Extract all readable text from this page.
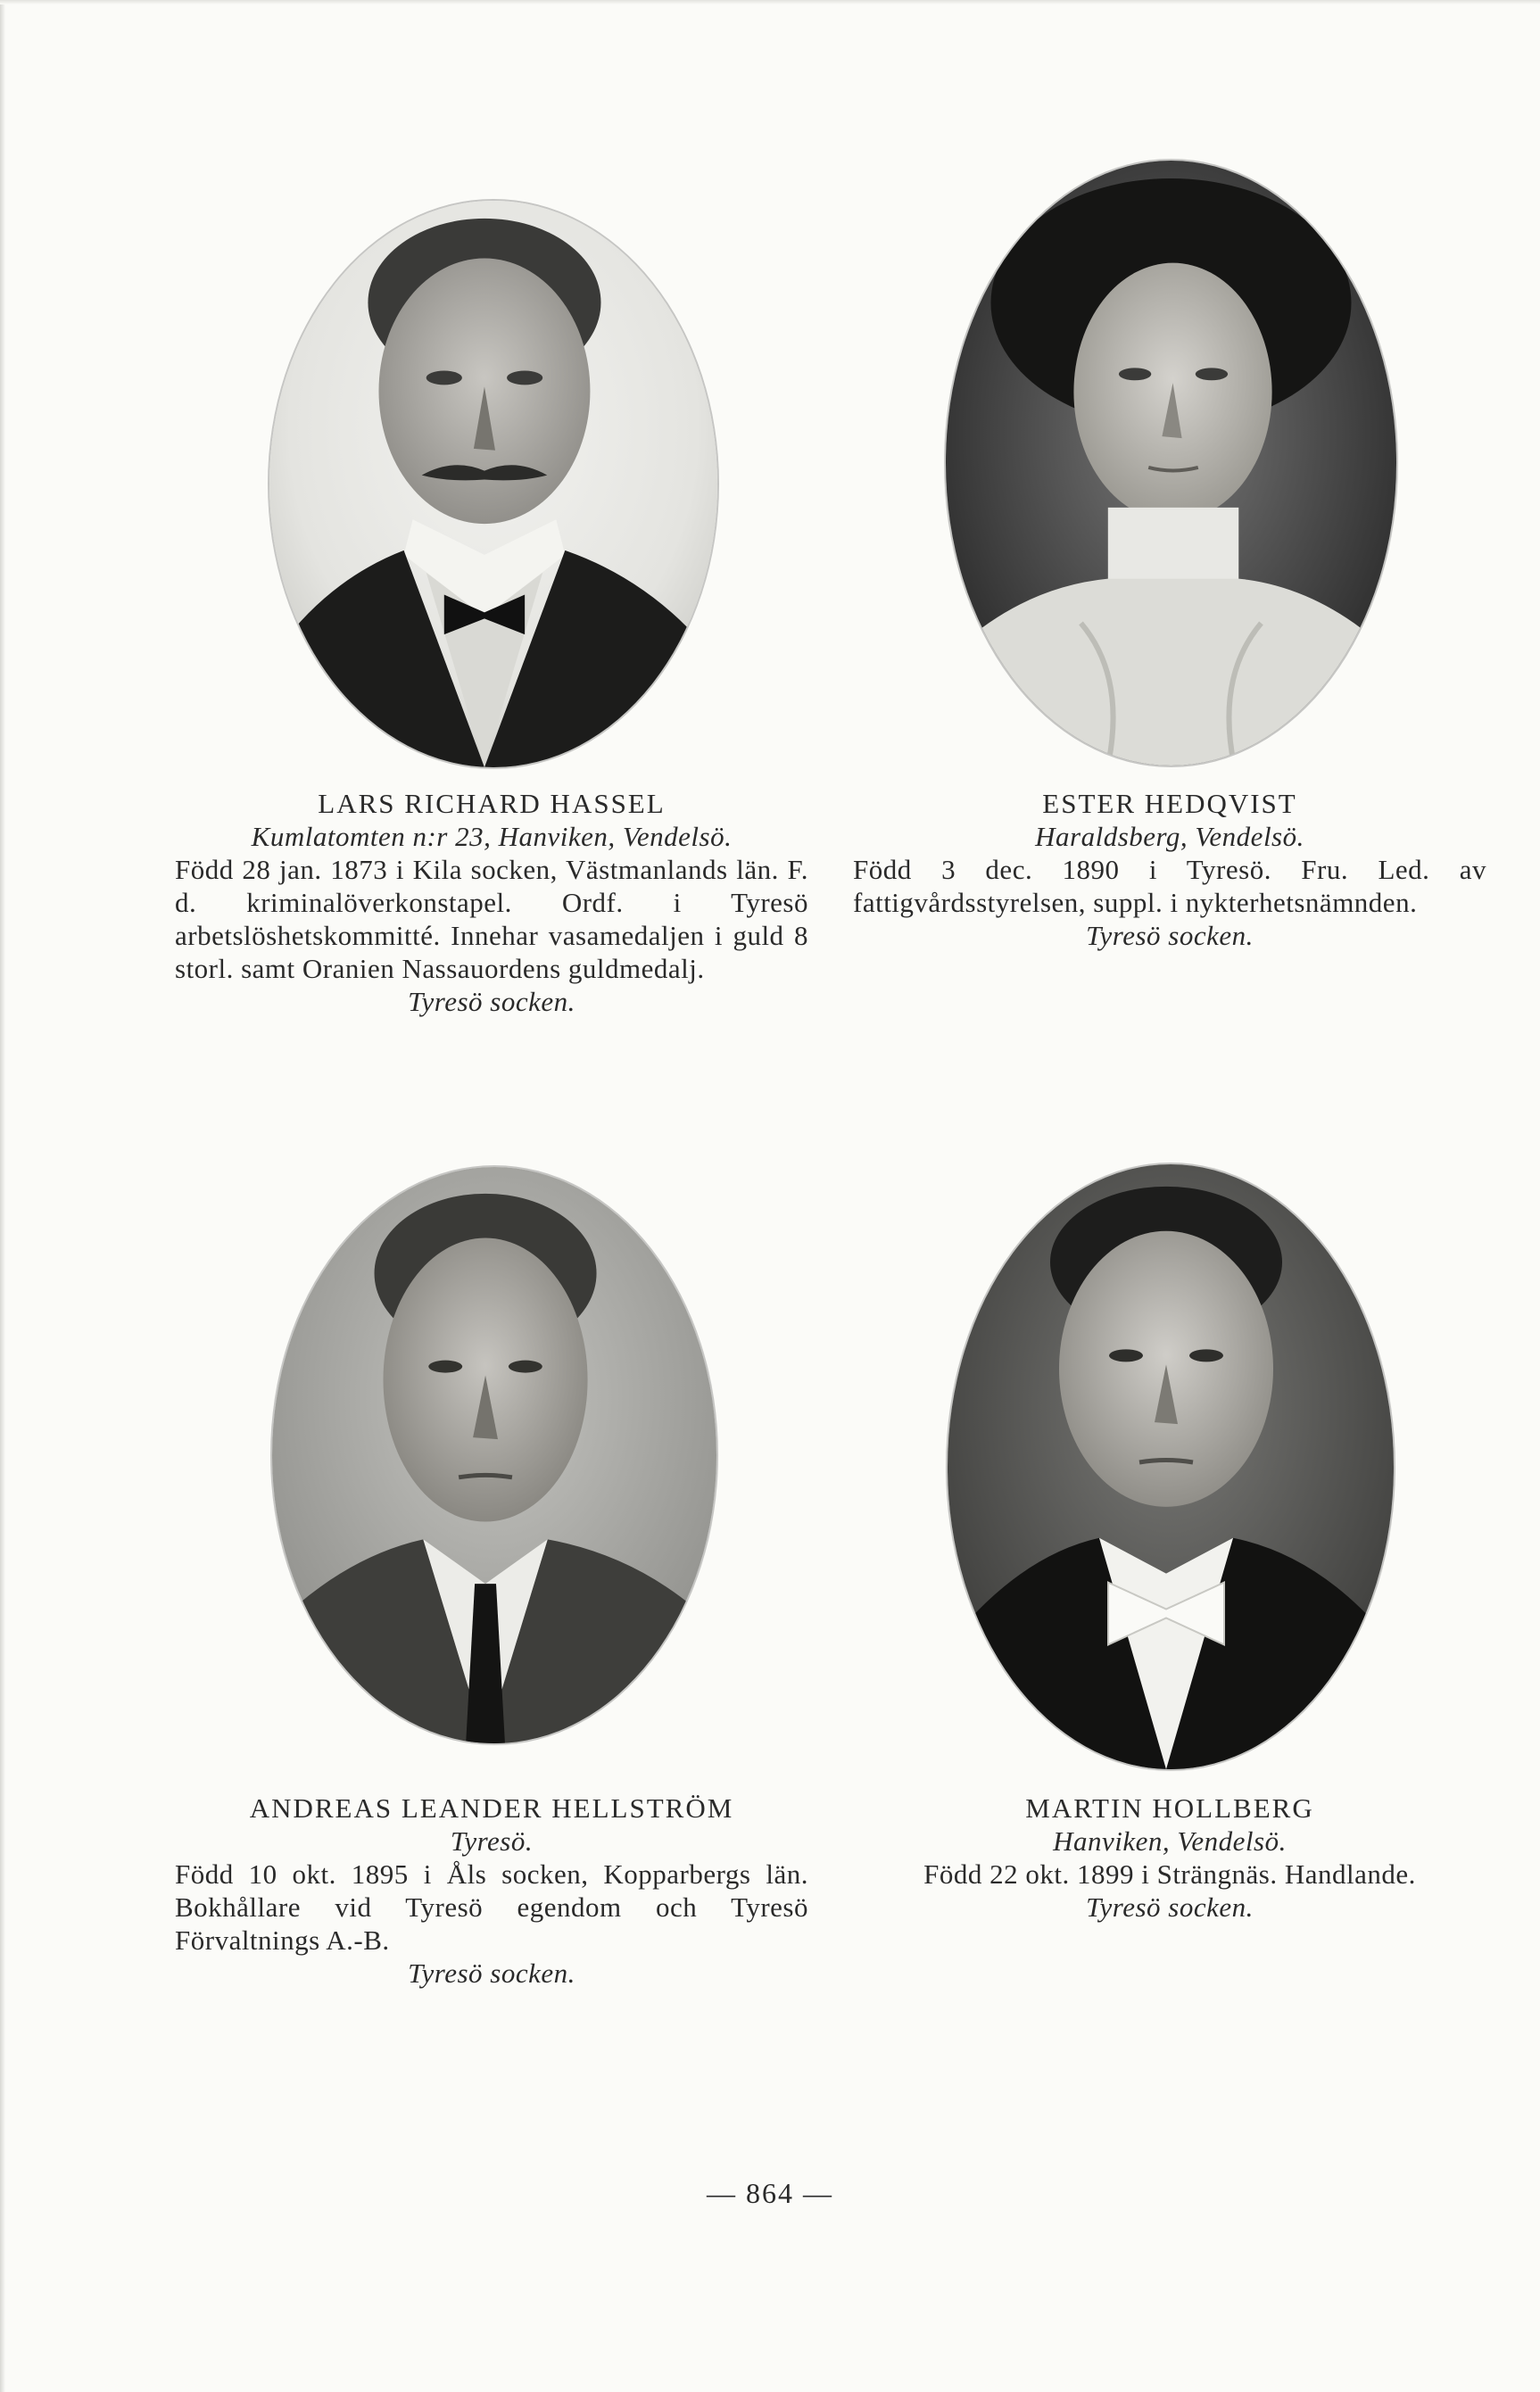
LARS RICHARD HASSEL
Kumlatomten n:r 23, Hanviken, Vendelsö.
Född 28 jan. 1873 i Kila socken, Västmanlands län. F. d. kriminalöverkonstapel. Ordf. i Tyresö arbetslöshetskommitté. Innehar vasamedaljen i guld 8 storl. samt Oranien Nassauordens guldmedalj.
Tyresö socken.
ESTER HEDQVIST
Haraldsberg, Vendelsö.
Född 3 dec. 1890 i Tyresö. Fru. Led. av fattigvårdsstyrelsen, suppl. i nykterhetsnämnden.
Tyresö socken.
ANDREAS LEANDER HELLSTRÖM
Tyresö.
Född 10 okt. 1895 i Åls socken, Kopparbergs län. Bokhållare vid Tyresö egendom och Tyresö Förvaltnings A.-B.
Tyresö socken.
MARTIN HOLLBERG
Hanviken, Vendelsö.
Född 22 okt. 1899 i Strängnäs. Handlande.
Tyresö socken.
— 864 —
